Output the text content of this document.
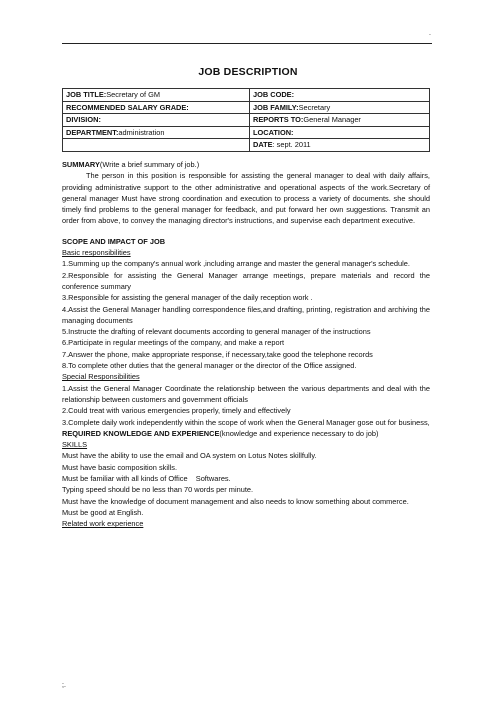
.
JOB DESCRIPTION
JOB TITLE:Secretary of GM	JOB CODE:
RECOMMENDED SALARY GRADE:	JOB FAMILY:Secretary
DIVISION:	REPORTS TO:General Manager
DEPARTMENT:administration	LOCATION:
	DATE: sept. 2011

SUMMARY(Write a brief summary of job.)

The person in this position is responsible for assisting the general manager to deal with daily affairs, providing administrative support to the other administrative and operational aspects of the work.Secretary of general manager Must have strong coordination and execution to process a variety of documents. she should timely find problems to the general manager for feedback, and put forward her own suggestions. Transmit an order from above, to convey the managing director's instructions, and supervise each department executive.

SCOPE AND IMPACT OF JOB

Basic responsibilities

1.Summing up the company's annual work ,including arrange and master the general manager's schedule.

2.Responsible for assisting the General Manager arrange meetings, prepare materials and record the conference summary

3.Responsible for assisting the general manager of the daily reception work .

4.Assist the General Manager handling correspondence files,and drafting, printing, registration and archiving the managing documents

5.Instructe the drafting of relevant documents according to general manager of the instructions

6.Participate in regular meetings of the company, and make a report

7.Answer the phone, make appropriate response, if necessary,take good the telephone records

8.To complete other duties that the general manager or the director of the Office assigned.

Special Responsibilities

1.Assist the General Manager Coordinate the relationship between the various departments and deal with the relationship between customers and government officials

2.Could treat with various emergencies properly, timely and effectively

3.Complete daily work independently within the scope of work when the General Manager gose out for business,

REQUIRED KNOWLEDGE AND EXPERIENCE(knowledge and experience necessary to do job)

SKILLS

Must have the ability to use the email and OA system on Lotus Notes skillfully.

Must have basic composition skills.

Must be familiar with all kinds of Office    Softwares.

Typing speed should be no less than 70 words per minute.

Must have the knowledge of document management and also needs to know something about commerce.

Must be good at English.

Related work experience

;.
